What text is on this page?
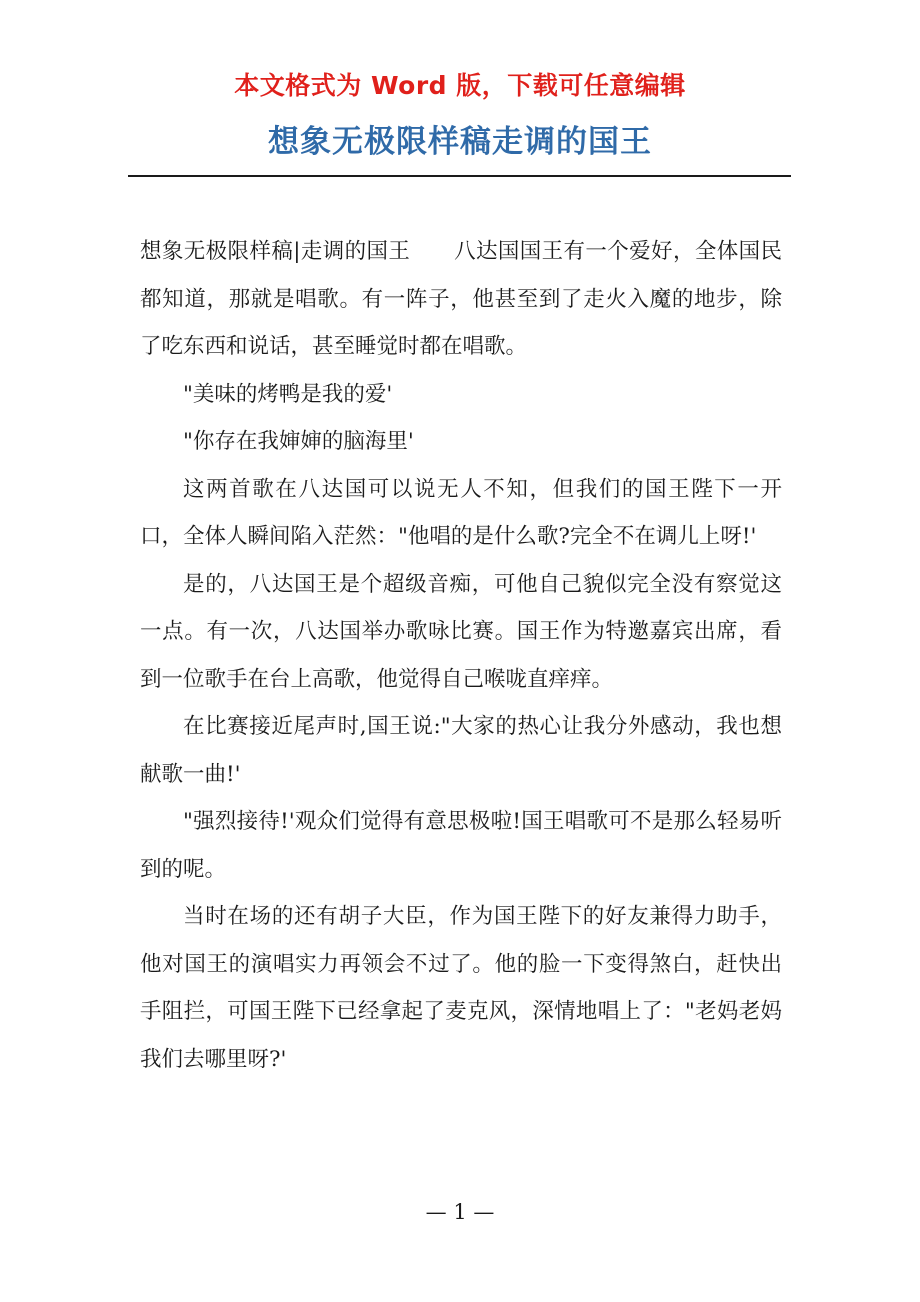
本文格式为 Word 版，下载可任意编辑
想象无极限样稿走调的国王

想象无极限样稿|走调的国王　　八达国国王有一个爱好，全体国民都知道，那就是唱歌。有一阵子，他甚至到了走火入魔的地步，除了吃东西和说话，甚至睡觉时都在唱歌。

"美味的烤鸭是我的爱'

"你存在我婶婶的脑海里'

这两首歌在八达国可以说无人不知，但我们的国王陛下一开口，全体人瞬间陷入茫然："他唱的是什么歌?完全不在调儿上呀!'

是的，八达国王是个超级音痴，可他自己貌似完全没有察觉这一点。有一次，八达国举办歌咏比赛。国王作为特邀嘉宾出席，看到一位歌手在台上高歌，他觉得自己喉咙直痒痒。

在比赛接近尾声时,国王说:"大家的热心让我分外感动，我也想献歌一曲!'

"强烈接待!'观众们觉得有意思极啦!国王唱歌可不是那么轻易听到的呢。

当时在场的还有胡子大臣，作为国王陛下的好友兼得力助手，他对国王的演唱实力再领会不过了。他的脸一下变得煞白，赶快出手阻拦，可国王陛下已经拿起了麦克风，深情地唱上了："老妈老妈我们去哪里呀?'

— 1 —
